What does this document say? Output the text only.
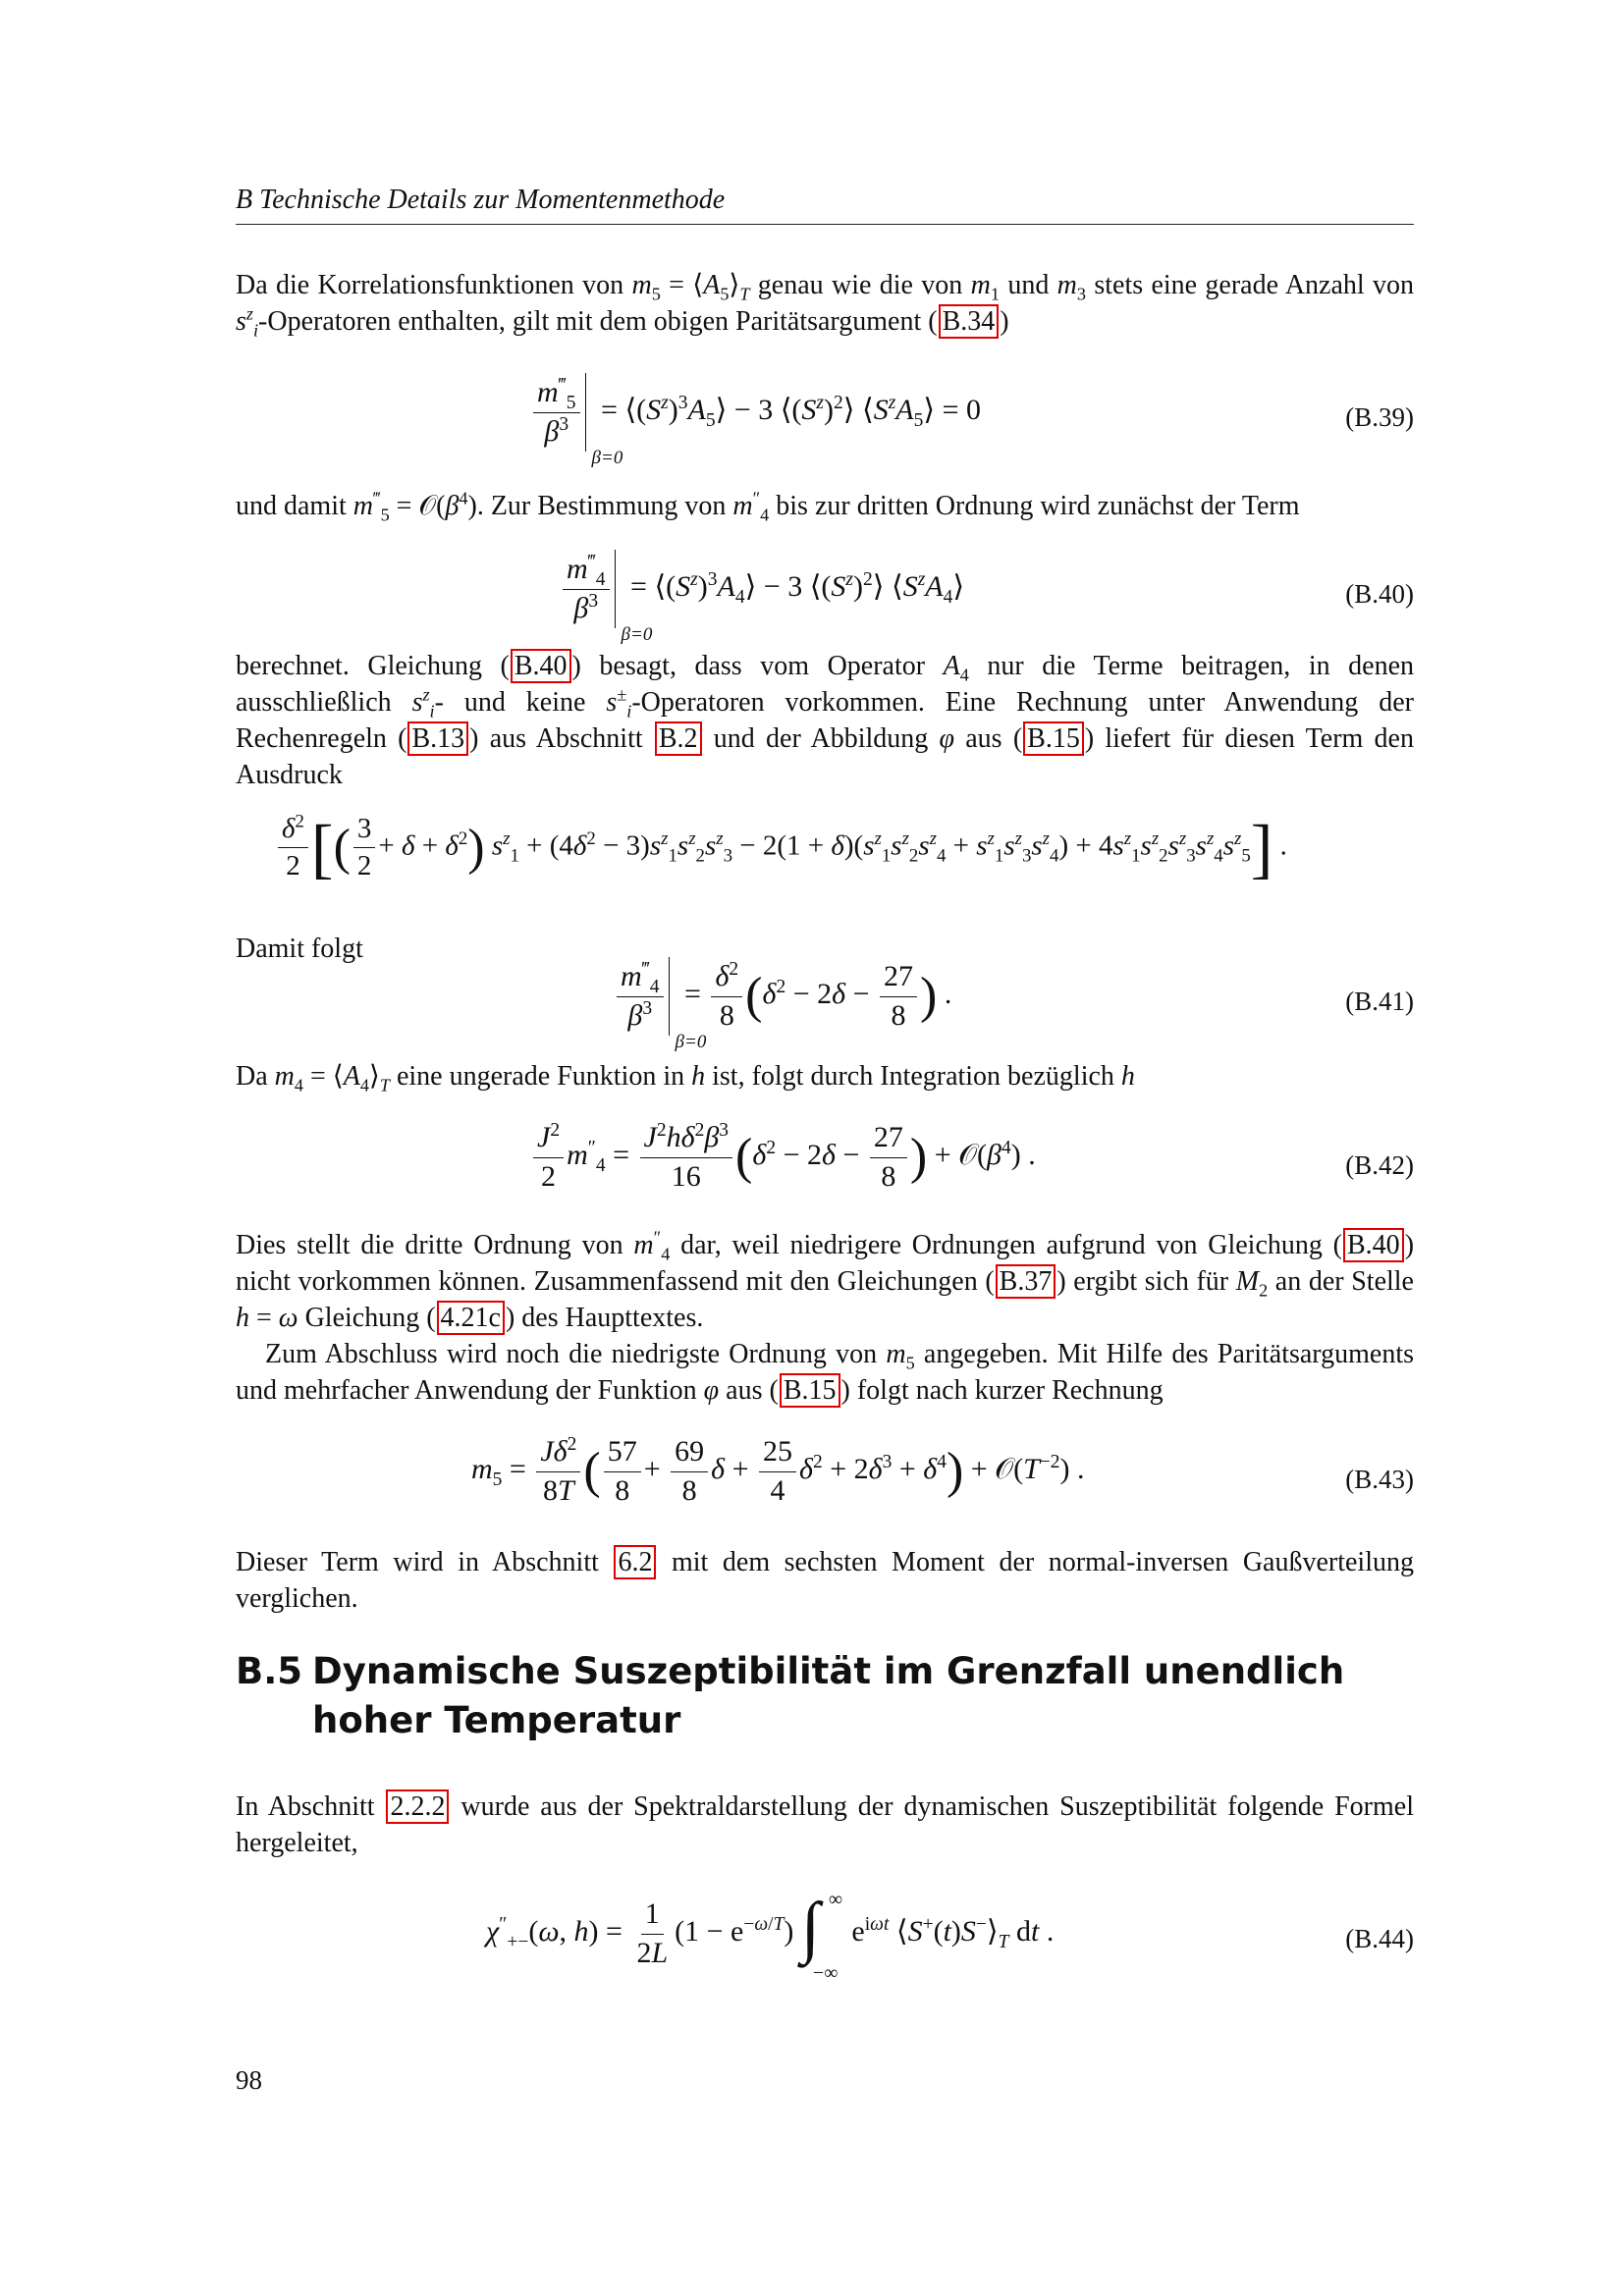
B Technische Details zur Momentenmethode
Da die Korrelationsfunktionen von $m_5$ = $⟨A_5⟩_T$ genau wie die von $m_1$ und $m_3$ stets eine gerade Anzahl von $s^z_i$-Operatoren enthalten, gilt mit dem obigen Paritätsargument ( B.34 )
$\frac{m^‴_5}{\beta^3}$
β=0
= $⟨(S^z)^3A_5⟩ - 3$ $⟨(S^z)^2⟩$ $⟨S^zA_5⟩ = 0$	(B.39)
und damit $m^‴_5$ = $𝒪(\beta^4)$. Zur Bestimmung von $m''_4$ bis zur dritten Ordnung wird zunächst der Term
$\frac{m^‴_4}{\beta^3}$
β=0
= $⟨(S^z)^3A_4⟩ - 3$ $⟨(S^z)^2⟩$ $⟨S^zA_4⟩$	(B.40)
berechnet. Gleichung ( B.40 ) besagt, dass vom Operator $A_4$ nur die Terme beitragen, in denen ausschließlich $s^z_i-$ und keine $s^\pm_i$-Operatoren vorkommen. Eine Rechnung unter Anwendung der Rechenregeln ( B.13 ) aus Abschnitt B.2 und der Abbildung φ aus ( B.15 ) liefert für diesen Term den Ausdruck
$\frac{\delta^2}{2}$ [( $\frac{3}{2} + \delta + \delta^2$) $s^z_1 + (4\delta^2 - 3)s^z_1s^z_2s^z_3 - 2(1 + \delta)(s^z_1s^z_2s^z_4 + s^z_1s^z_3s^z_4) + 4s^z_1s^z_2s^z_3s^z_4s^z_5$] .
Damit folgt
$\frac{m^‴_4}{\beta^3}$
β=0
= $\frac{\delta^2}{8} (\delta^2 - 2\delta - \frac{27}{8}$ ) .	(B.41)
Da $m_4$ = $⟨A_4⟩_T$ eine ungerade Funktion in h ist, folgt durch Integration bezüglich h
$\frac{J^2}{2} m''_4 = \frac{J^2h\delta^2\beta^3}{16} (\delta^2 - 2\delta - \frac{27}{8}$ ) + $𝒪(\beta^4)$ .	(B.42)
Dies stellt die dritte Ordnung von $m''_4$ dar, weil niedrigere Ordnungen aufgrund von Gleichung ( B.40 ) nicht vorkommen können. Zusammenfassend mit den Gleichungen ( B.37 ) ergibt sich für $M_2$ an der Stelle h = ω Gleichung ( 4.21c ) des Haupttextes.
Zum Abschluss wird noch die niedrigste Ordnung von $m_5$ angegeben. Mit Hilfe des Paritätsarguments und mehrfacher Anwendung der Funktion φ aus ( B.15 ) folgt nach kurzer Rechnung
$m_5 = \frac{J\delta^2}{8T}$ ( $\frac{57}{8} + \frac{69}{8}$ $\delta + \frac{25}{4} \delta^2 + 2\delta^3 + \delta^4$) + $𝒪(T^{-2})$ .	(B.43)
Dieser Term wird in Abschnitt 6.2 mit dem sechsten Moment der normal-inversen Gaußverteilung verglichen.
B.5 Dynamische Suszeptibilität im Grenzfall unendlich hoher Temperatur
In Abschnitt 2.2.2 wurde aus der Spektraldarstellung der dynamischen Suszeptibilität folgende Formel hergeleitet,
$\chi''_{+-}(\omega$, $h) = \frac{1}{2L} (1 - e^{-\omega/T})$ ∫ ∞
−∞
$e^{i\omega t}$ $⟨S^+(t)S^-⟩_T$ dt .	(B.44)
98
